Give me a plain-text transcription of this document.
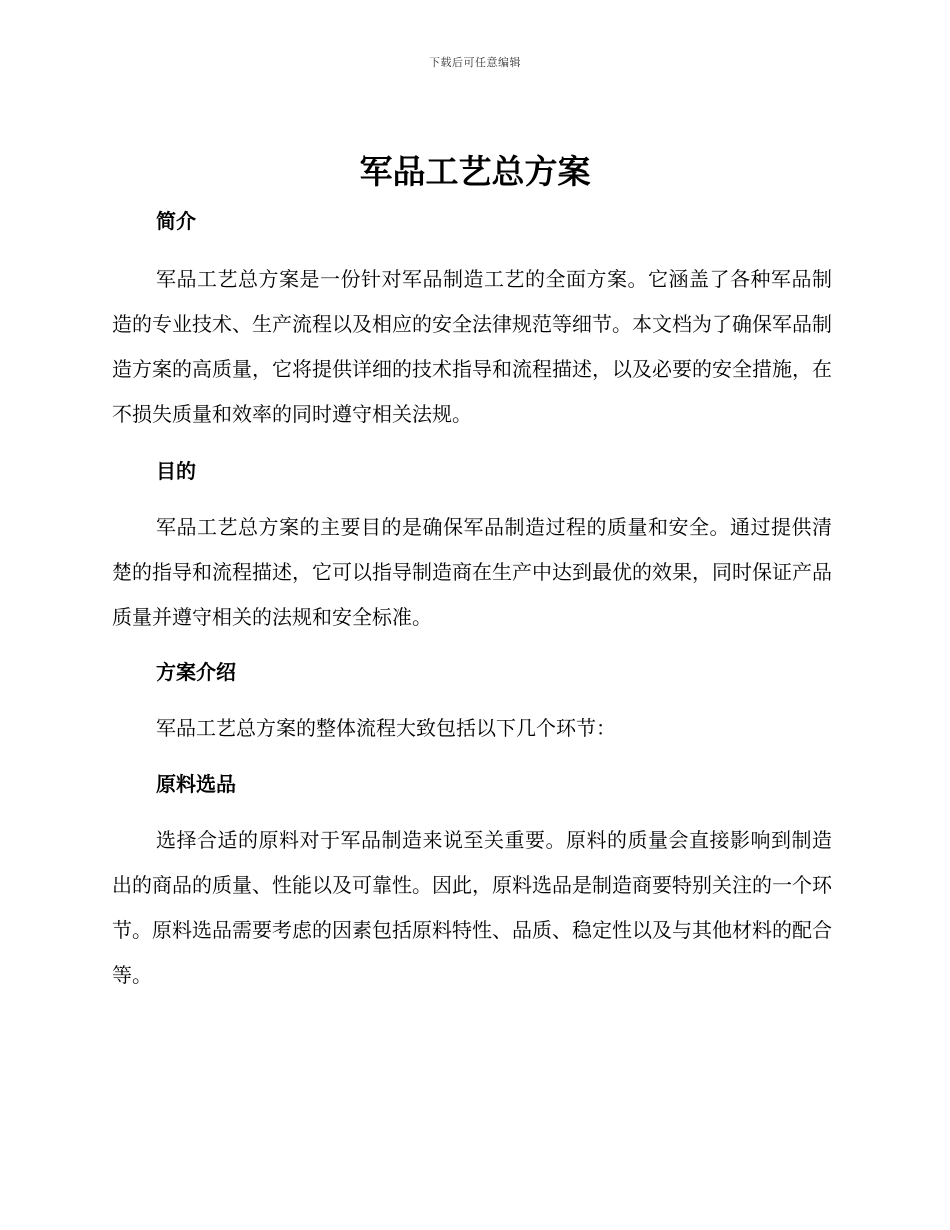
下载后可任意编辑
军品工艺总方案
简介

军品工艺总方案是一份针对军品制造工艺的全面方案。它涵盖了各种军品制造的专业技术、生产流程以及相应的安全法律规范等细节。本文档为了确保军品制造方案的高质量，它将提供详细的技术指导和流程描述，以及必要的安全措施，在不损失质量和效率的同时遵守相关法规。

目的

军品工艺总方案的主要目的是确保军品制造过程的质量和安全。通过提供清楚的指导和流程描述，它可以指导制造商在生产中达到最优的效果，同时保证产品质量并遵守相关的法规和安全标准。

方案介绍

军品工艺总方案的整体流程大致包括以下几个环节：

原料选品

选择合适的原料对于军品制造来说至关重要。原料的质量会直接影响到制造出的商品的质量、性能以及可靠性。因此，原料选品是制造商要特别关注的一个环节。原料选品需要考虑的因素包括原料特性、品质、稳定性以及与其他材料的配合等。
